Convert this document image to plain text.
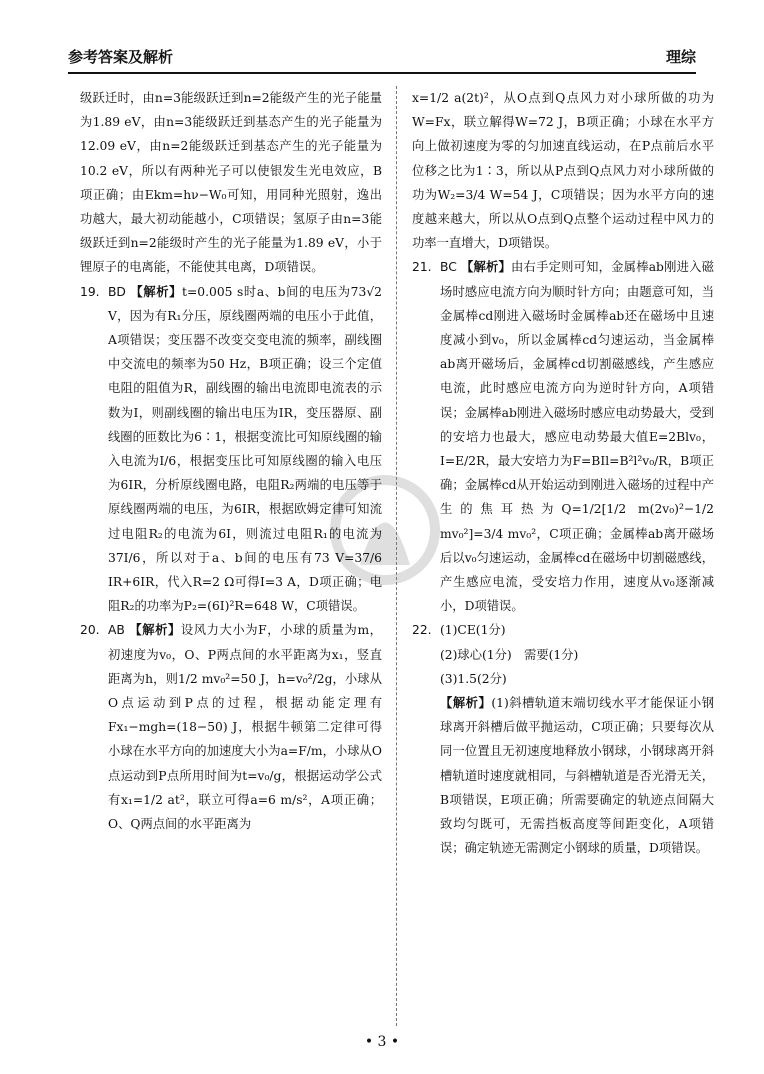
参考答案及解析	理综

级跃迁时，由n=3能级跃迁到n=2能级产生的光子能量为1.89 eV，由n=3能级跃迁到基态产生的光子能量为12.09 eV，由n=2能级跃迁到基态产生的光子能量为10.2 eV，所以有两种光子可以使银发生光电效应，B项正确；由Ekm=hν−W₀可知，用同种光照射，逸出功越大，最大初动能越小，C项错误；氢原子由n=3能级跃迁到n=2能级时产生的光子能量为1.89 eV，小于锂原子的电离能，不能使其电离，D项错误。

19. BD 【解析】t=0.005 s时a、b间的电压为73√2 V，因为有R₁分压，原线圈两端的电压小于此值，A项错误；变压器不改变交变电流的频率，副线圈中交流电的频率为50 Hz，B项正确；设三个定值电阻的阻值为R，副线圈的输出电流即电流表的示数为I，则副线圈的输出电压为IR，变压器原、副线圈的匝数比为6∶1，根据变流比可知原线圈的输入电流为I/6，根据变压比可知原线圈的输入电压为6IR，分析原线圈电路，电阻R₂两端的电压等于原线圈两端的电压，为6IR，根据欧姆定律可知流过电阻R₂的电流为6I，则流过电阻R₁的电流为37I/6，所以对于a、b间的电压有73 V=37/6 IR+6IR，代入R=2 Ω可得I=3 A，D项正确；电阻R₂的功率为P₂=(6I)²R=648 W，C项错误。
20. AB 【解析】设风力大小为F，小球的质量为m，初速度为v₀，O、P两点间的水平距离为x₁，竖直距离为h，则1/2 mv₀²=50 J，h=v₀²/2g，小球从O点运动到P点的过程，根据动能定理有Fx₁−mgh=(18−50) J，根据牛顿第二定律可得小球在水平方向的加速度大小为a=F/m，小球从O点运动到P点所用时间为t=v₀/g，根据运动学公式有x₁=1/2 at²，联立可得a=6 m/s²，A项正确；O、Q两点间的水平距离为

x=1/2 a(2t)²，从O点到Q点风力对小球所做的功为W=Fx，联立解得W=72 J，B项正确；小球在水平方向上做初速度为零的匀加速直线运动，在P点前后水平位移之比为1∶3，所以从P点到Q点风力对小球所做的功为W₂=3/4 W=54 J，C项错误；因为水平方向的速度越来越大，所以从O点到Q点整个运动过程中风力的功率一直增大，D项错误。

21. BC 【解析】由右手定则可知，金属棒ab刚进入磁场时感应电流方向为顺时针方向；由题意可知，当金属棒cd刚进入磁场时金属棒ab还在磁场中且速度减小到v₀，所以金属棒cd匀速运动，当金属棒ab离开磁场后，金属棒cd切割磁感线，产生感应电流，此时感应电流方向为逆时针方向，A项错误；金属棒ab刚进入磁场时感应电动势最大，受到的安培力也最大，感应电动势最大值E=2Blv₀，I=E/2R，最大安培力为F=BIl=B²l²v₀/R，B项正确；金属棒cd从开始运动到刚进入磁场的过程中产生的焦耳热为Q=1/2[1/2 m(2v₀)²−1/2 mv₀²]=3/4 mv₀²，C项正确；金属棒ab离开磁场后以v₀匀速运动，金属棒cd在磁场中切割磁感线，产生感应电流，受安培力作用，速度从v₀逐渐减小，D项错误。
22. (1)CE(1分)
(2)球心(1分)　需要(1分)
(3)1.5(2分)

【解析】(1)斜槽轨道末端切线水平才能保证小钢球离开斜槽后做平抛运动，C项正确；只要每次从同一位置且无初速度地释放小钢球，小钢球离开斜槽轨道时速度就相同，与斜槽轨道是否光滑无关，B项错误，E项正确；所需要确定的轨迹点间隔大致均匀既可，无需挡板高度等间距变化，A项错误；确定轨迹无需测定小钢球的质量，D项错误。

• 3 •
